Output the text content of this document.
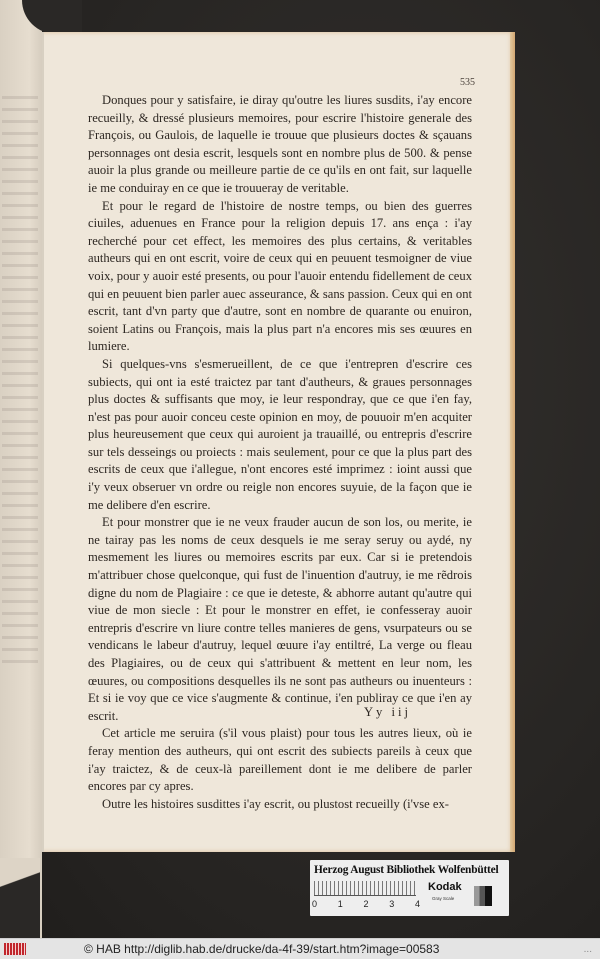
535

Donques pour y satisfaire, ie diray qu'outre les liures susdits, i'ay encore recueilly, & dressé plusieurs memoires, pour escrire l'histoire generale des François, ou Gaulois, de laquelle ie trouue que plusieurs doctes & sçauans personnages ont desia escrit, lesquels sont en nombre plus de 500. & pense auoir la plus grande ou meilleure partie de ce qu'ils en ont fait, sur laquelle ie me conduiray en ce que ie trouueray de veritable.

Et pour le regard de l'histoire de nostre temps, ou bien des guerres ciuiles, aduenues en France pour la religion depuis 17. ans ença : i'ay recherché pour cet effect, les memoires des plus certains, & veritables autheurs qui en ont escrit, voire de ceux qui en peuuent tesmoigner de viue voix, pour y auoir esté presents, ou pour l'auoir entendu fidellement de ceux qui en peuuent bien parler auec asseurance, & sans passion. Ceux qui en ont escrit, tant d'vn party que d'autre, sont en nombre de quarante ou enuiron, soient Latins ou François, mais la plus part n'a encores mis ses œuures en lumiere.

Si quelques-vns s'esmerueillent, de ce que i'entrepren d'escrire ces subiects, qui ont ia esté traictez par tant d'autheurs, & graues personnages plus doctes & suffisants que moy, ie leur respondray, que ce que i'en fay, n'est pas pour auoir conceu ceste opinion en moy, de pouuoir m'en acquiter plus heureusement que ceux qui auroient ja trauaillé, ou entrepris d'escrire sur tels desseings ou proiects : mais seulement, pour ce que la plus part des escrits de ceux que i'allegue, n'ont encores esté imprimez : ioint aussi que i'y veux obseruer vn ordre ou reigle non encores suyuie, de la façon que ie me delibere d'en escrire.

Et pour monstrer que ie ne veux frauder aucun de son los, ou merite, ie ne tairay pas les noms de ceux desquels ie me seray seruy ou aydé, ny mesmement les liures ou memoires escrits par eux. Car si ie pretendois m'attribuer chose quelconque, qui fust de l'inuention d'autruy, ie me rẽdrois digne du nom de Plagiaire : ce que ie deteste, & abhorre autant qu'autre qui viue de mon siecle : Et pour le monstrer en effet, ie confesseray auoir entrepris d'escrire vn liure contre telles manieres de gens, vsurpateurs ou se vendicans le labeur d'autruy, lequel œuure i'ay entiltré, La verge ou fleau des Plagiaires, ou de ceux qui s'attribuent & mettent en leur nom, les œuures, ou compositions desquelles ils ne sont pas autheurs ou inuenteurs : Et si ie voy que ce vice s'augmente & continue, i'en publiray ce que i'en ay escrit.

Cet article me seruira (s'il vous plaist) pour tous les autres lieux, où ie feray mention des autheurs, qui ont escrit des subiects pareils à ceux que i'ay traictez, & de ceux-là pareillement dont ie me delibere de parler encores par cy apres.

Outre les histoires susdittes i'ay escrit, ou plustost recueilly (i'vse ex-

Yy iij
Herzog August Bibliothek Wolfenbüttel
0 1 2 3 4
Kodak
Gray Scale
© HAB http://diglib.hab.de/drucke/da-4f-39/start.htm?image=00583	...
